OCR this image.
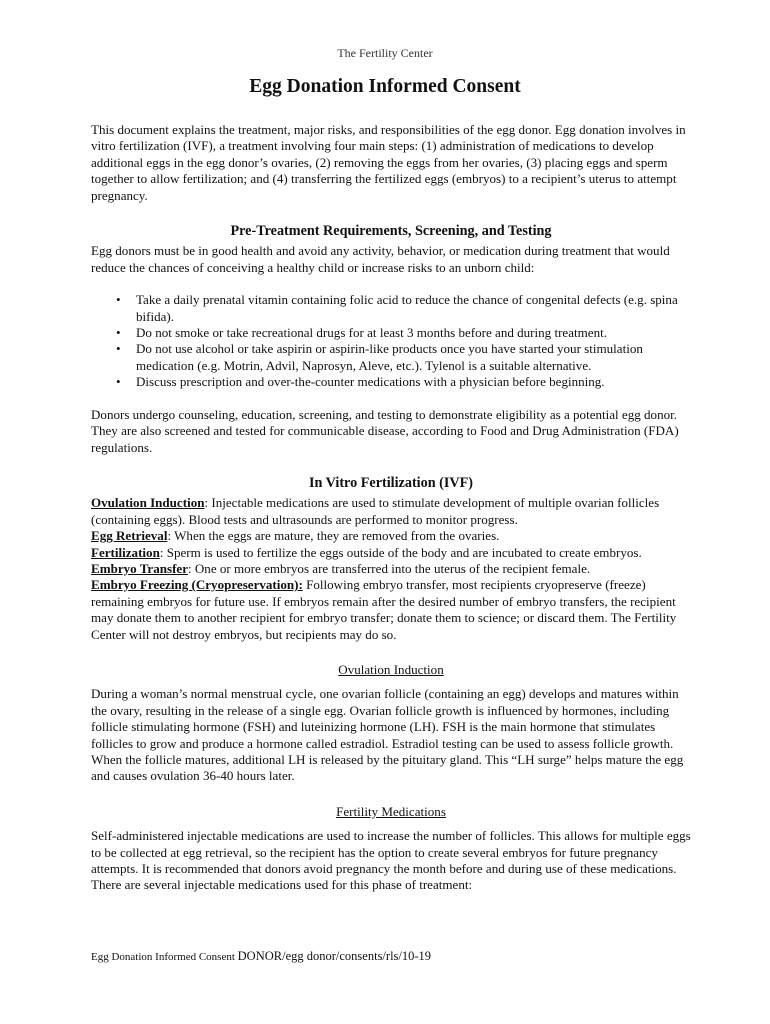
The Fertility Center
Egg Donation Informed Consent

This document explains the treatment, major risks, and responsibilities of the egg donor. Egg donation involves in vitro fertilization (IVF), a treatment involving four main steps: (1) administration of medications to develop additional eggs in the egg donor’s ovaries, (2) removing the eggs from her ovaries, (3) placing eggs and sperm together to allow fertilization; and (4) transferring the fertilized eggs (embryos) to a recipient’s uterus to attempt pregnancy.

Pre-Treatment Requirements, Screening, and Testing

Egg donors must be in good health and avoid any activity, behavior, or medication during treatment that would reduce the chances of conceiving a healthy child or increase risks to an unborn child:

• Take a daily prenatal vitamin containing folic acid to reduce the chance of congenital defects (e.g. spina bifida).
• Do not smoke or take recreational drugs for at least 3 months before and during treatment.
• Do not use alcohol or take aspirin or aspirin-like products once you have started your stimulation medication (e.g. Motrin, Advil, Naprosyn, Aleve, etc.). Tylenol is a suitable alternative.
• Discuss prescription and over-the-counter medications with a physician before beginning.

Donors undergo counseling, education, screening, and testing to demonstrate eligibility as a potential egg donor. They are also screened and tested for communicable disease, according to Food and Drug Administration (FDA) regulations.

In Vitro Fertilization (IVF)

Ovulation Induction: Injectable medications are used to stimulate development of multiple ovarian follicles (containing eggs). Blood tests and ultrasounds are performed to monitor progress.
Egg Retrieval: When the eggs are mature, they are removed from the ovaries.
Fertilization: Sperm is used to fertilize the eggs outside of the body and are incubated to create embryos.
Embryo Transfer: One or more embryos are transferred into the uterus of the recipient female.
Embryo Freezing (Cryopreservation): Following embryo transfer, most recipients cryopreserve (freeze) remaining embryos for future use. If embryos remain after the desired number of embryo transfers, the recipient may donate them to another recipient for embryo transfer; donate them to science; or discard them. The Fertility Center will not destroy embryos, but recipients may do so.

Ovulation Induction

During a woman’s normal menstrual cycle, one ovarian follicle (containing an egg) develops and matures within the ovary, resulting in the release of a single egg. Ovarian follicle growth is influenced by hormones, including follicle stimulating hormone (FSH) and luteinizing hormone (LH). FSH is the main hormone that stimulates follicles to grow and produce a hormone called estradiol. Estradiol testing can be used to assess follicle growth. When the follicle matures, additional LH is released by the pituitary gland. This “LH surge” helps mature the egg and causes ovulation 36-40 hours later.

Fertility Medications

Self-administered injectable medications are used to increase the number of follicles. This allows for multiple eggs to be collected at egg retrieval, so the recipient has the option to create several embryos for future pregnancy attempts. It is recommended that donors avoid pregnancy the month before and during use of these medications. There are several injectable medications used for this phase of treatment:

Egg Donation Informed Consent DONOR/egg donor/consents/rls/10-19
